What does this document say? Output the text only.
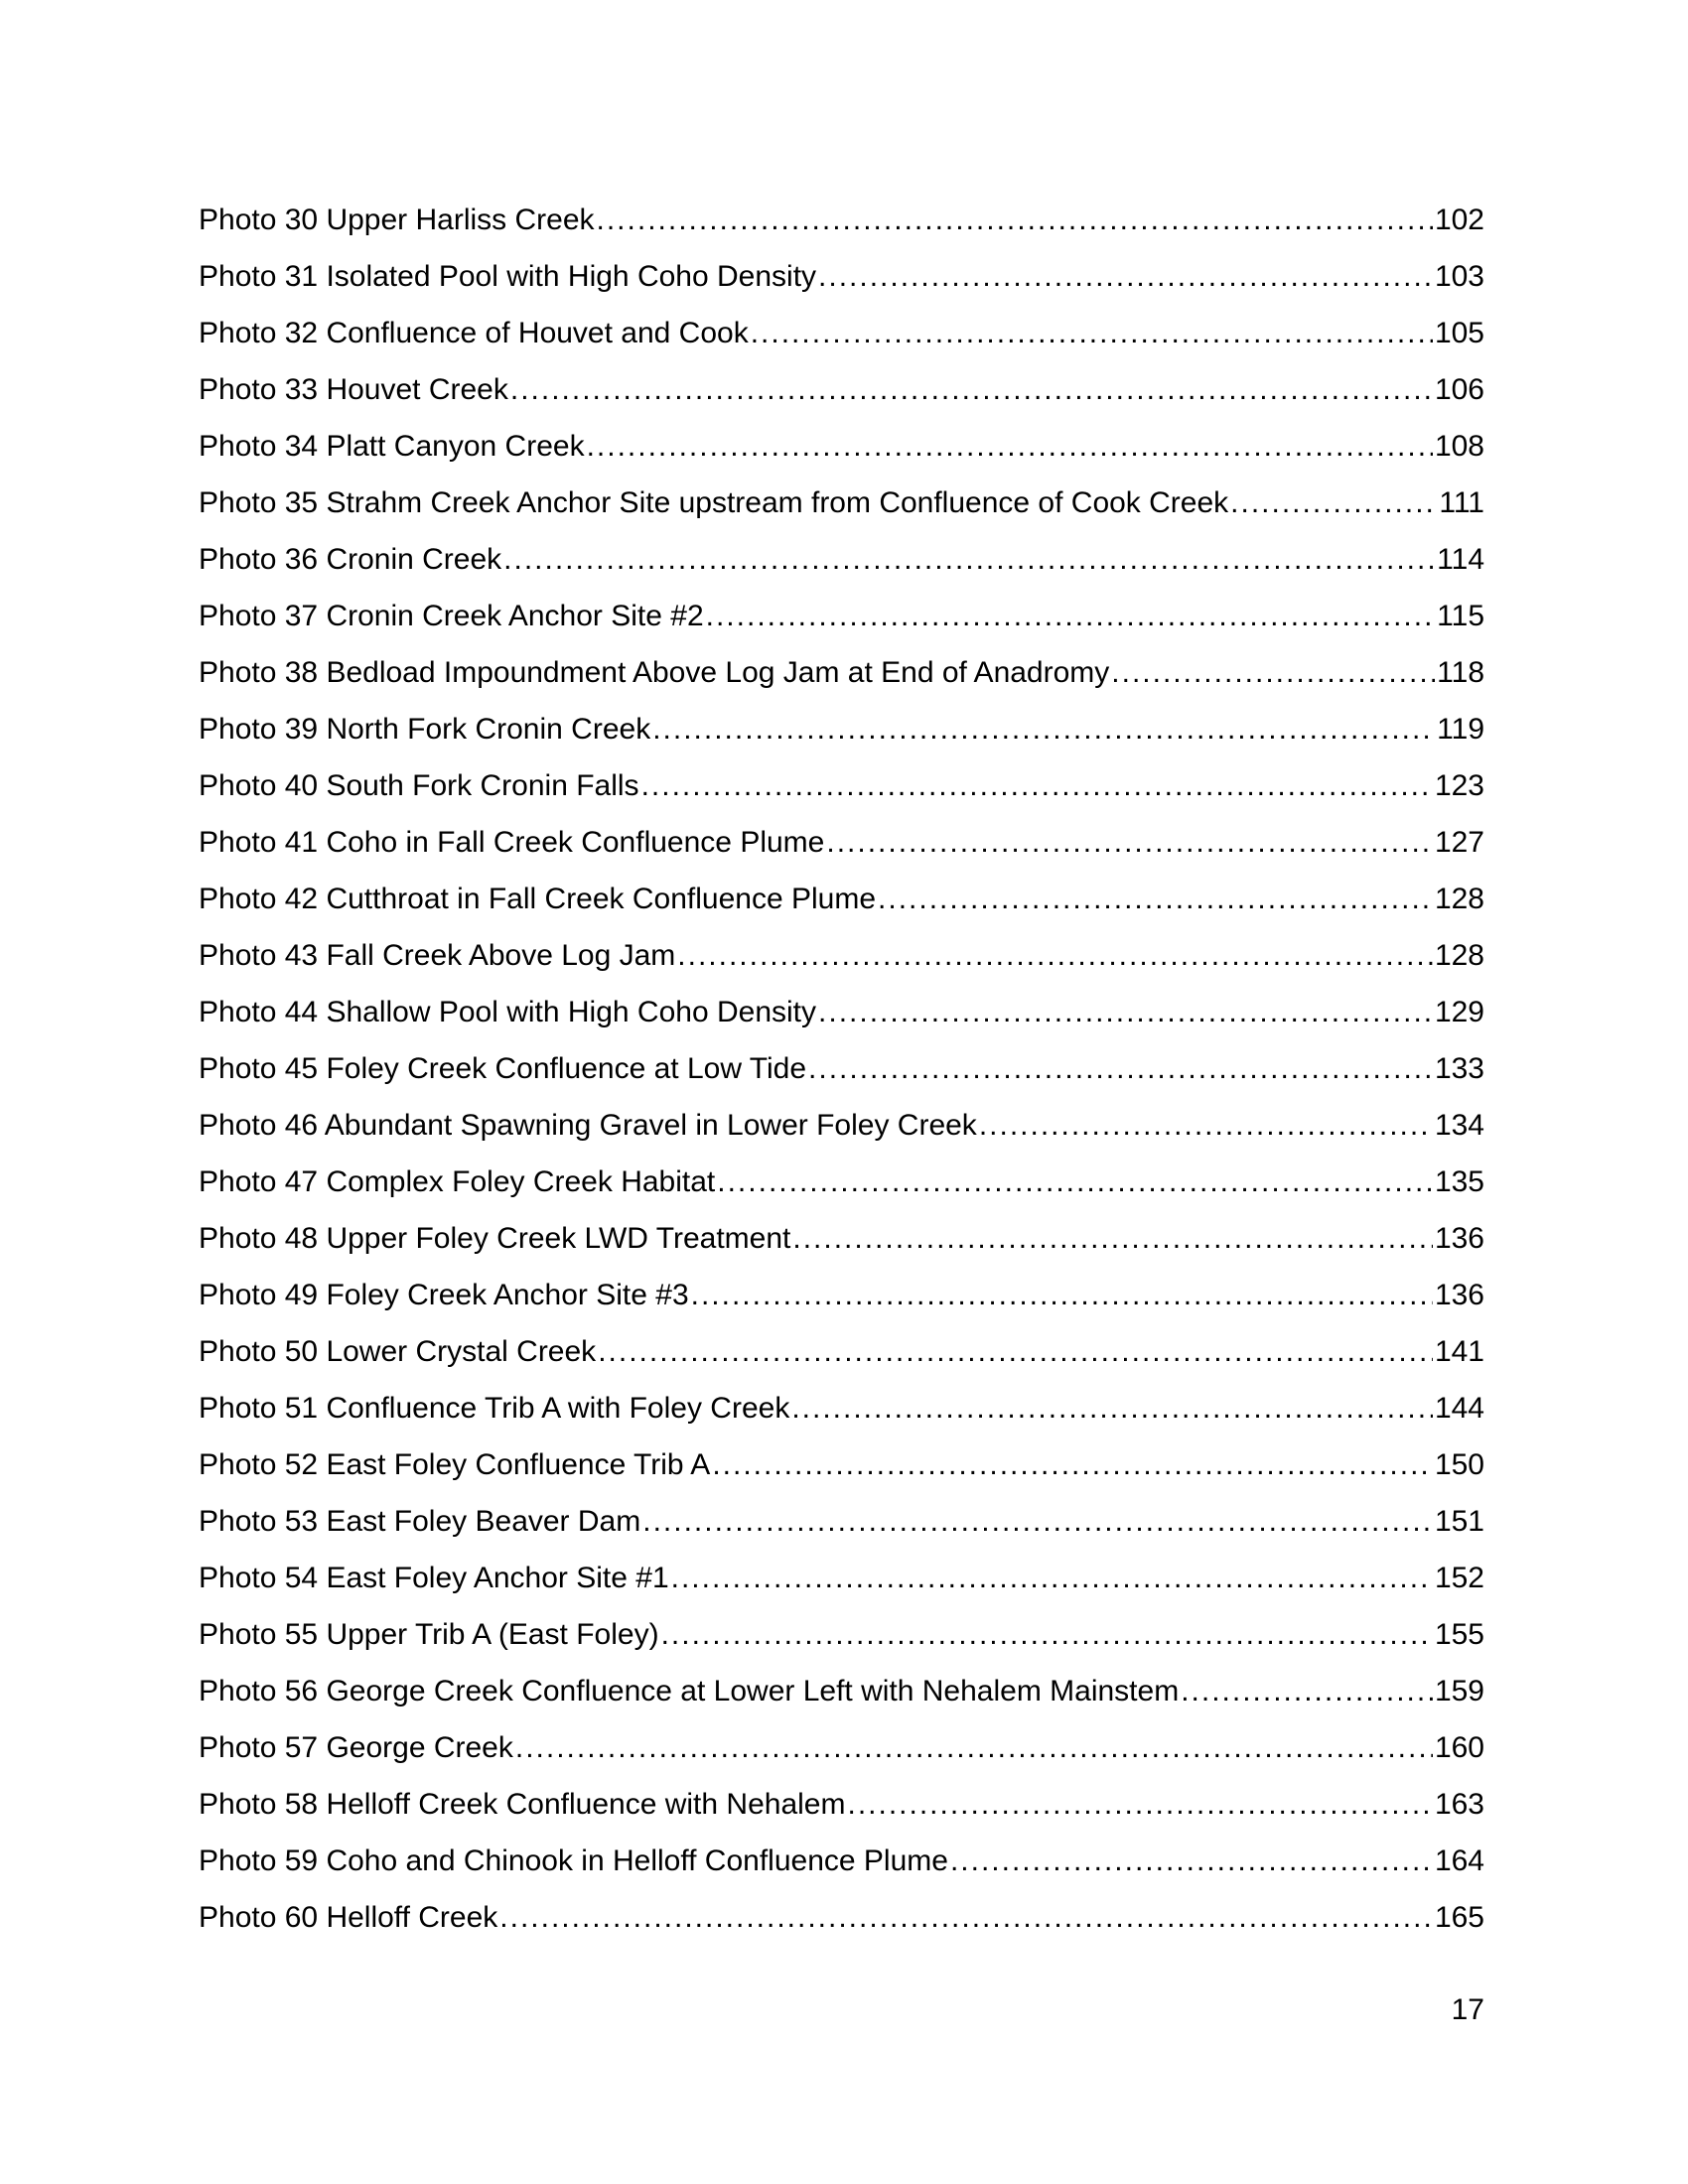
Photo 30 Upper Harliss Creek .....	102
Photo 31 Isolated Pool with High Coho Density .....	103
Photo 32 Confluence of Houvet and Cook .....	105
Photo 33 Houvet Creek .....	106
Photo 34 Platt Canyon Creek .....	108
Photo 35 Strahm Creek Anchor Site upstream from Confluence of Cook Creek .....	111
Photo 36 Cronin Creek .....	114
Photo 37 Cronin Creek Anchor Site #2 .....	115
Photo 38 Bedload Impoundment Above Log Jam at End of Anadromy .....	118
Photo 39 North Fork Cronin Creek .....	119
Photo 40 South Fork Cronin Falls .....	123
Photo 41 Coho in Fall Creek Confluence Plume .....	127
Photo 42 Cutthroat in Fall Creek Confluence Plume .....	128
Photo 43 Fall Creek Above Log Jam .....	128
Photo 44 Shallow Pool with High Coho Density .....	129
Photo 45 Foley Creek Confluence at Low Tide .....	133
Photo 46 Abundant Spawning Gravel in Lower Foley Creek .....	134
Photo 47 Complex Foley Creek Habitat .....	135
Photo 48 Upper Foley Creek LWD Treatment .....	136
Photo 49 Foley Creek Anchor Site #3 .....	136
Photo 50 Lower Crystal Creek .....	141
Photo 51 Confluence Trib A with Foley Creek .....	144
Photo 52 East Foley Confluence Trib A .....	150
Photo 53 East Foley Beaver Dam .....	151
Photo 54 East Foley Anchor Site #1 .....	152
Photo 55 Upper Trib A (East Foley) .....	155
Photo 56 George Creek Confluence at Lower Left with Nehalem Mainstem .....	159
Photo 57 George Creek .....	160
Photo 58 Helloff Creek Confluence with Nehalem .....	163
Photo 59 Coho and Chinook in Helloff Confluence Plume .....	164
Photo 60 Helloff Creek .....	165
17
